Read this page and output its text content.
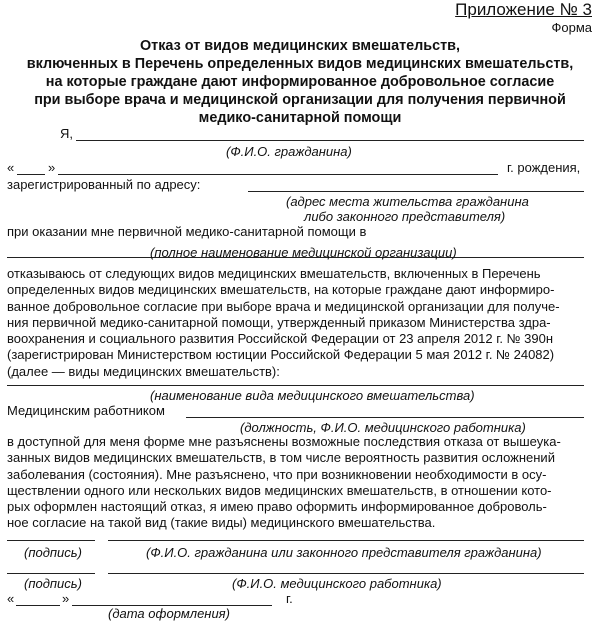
Приложение № 3
Форма
Отказ от видов медицинских вмешательств,
включенных в Перечень определенных видов медицинских вмешательств,
на которые граждане дают информированное добровольное согласие
при выборе врача и медицинской организации для получения первичной
медико-санитарной помощи
Я,
(Ф.И.О. гражданина)
«	»	г. рождения,
зарегистрированный по адресу:
(адрес места жительства гражданина
либо законного представителя)
при оказании мне первичной медико-санитарной помощи в
(полное наименование медицинской организации)
отказываюсь от следующих видов медицинских вмешательств, включенных в Перечень
определенных видов медицинских вмешательств, на которые граждане дают информиро-
ванное добровольное согласие при выборе врача и медицинской организации для получе-
ния первичной медико-санитарной помощи, утвержденный приказом Министерства здра-
воохранения и социального развития Российской Федерации от 23 апреля 2012 г. № 390н
(зарегистрирован Министерством юстиции Российской Федерации 5 мая 2012 г. № 24082)
(далее — виды медицинских вмешательств):
(наименование вида медицинского вмешательства)
Медицинским работником
(должность, Ф.И.О. медицинского работника)
в доступной для меня форме мне разъяснены возможные последствия отказа от вышеука-
занных видов медицинских вмешательств, в том числе вероятность развития осложнений
заболевания (состояния). Мне разъяснено, что при возникновении необходимости в осу-
ществлении одного или нескольких видов медицинских вмешательств, в отношении кото-
рых оформлен настоящий отказ, я имею право оформить информированное доброволь-
ное согласие на такой вид (такие виды) медицинского вмешательства.
(подпись)	(Ф.И.О. гражданина или законного представителя гражданина)
(подпись)	(Ф.И.О. медицинского работника)
«	»	г.
(дата оформления)
